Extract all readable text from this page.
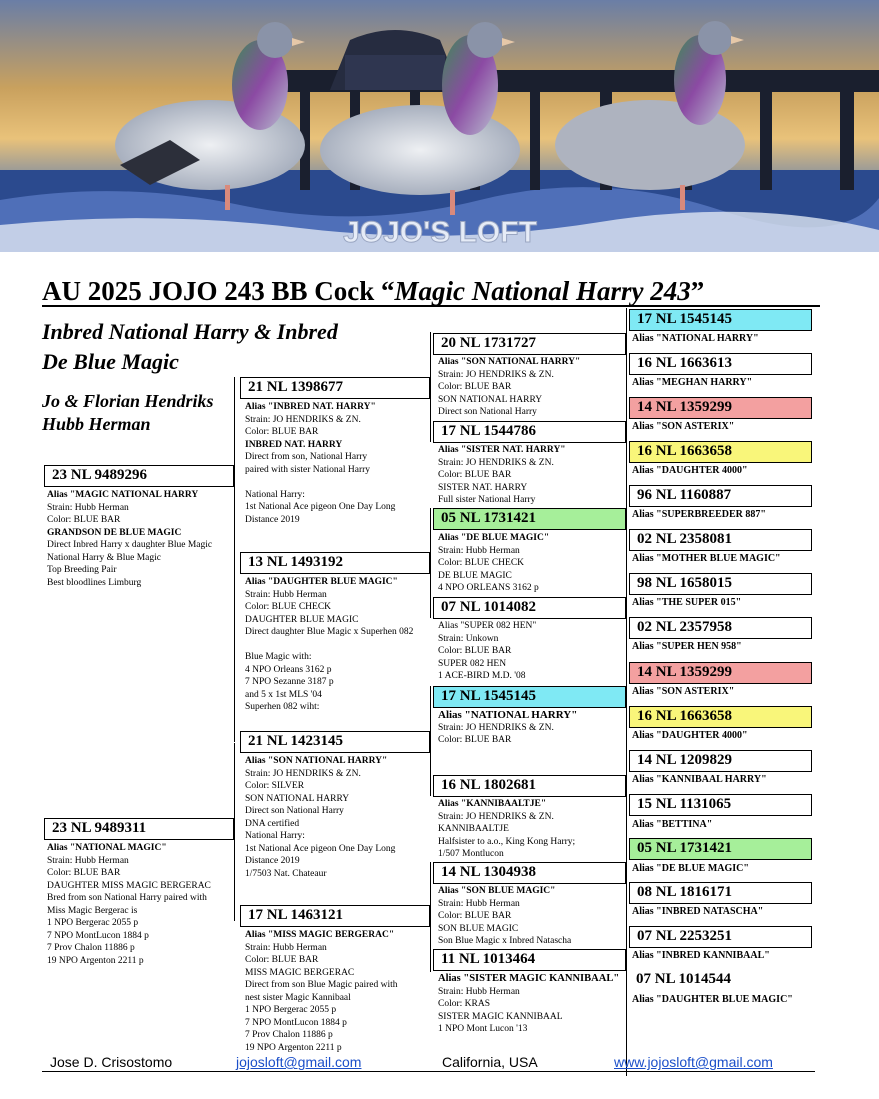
JOJO'S LOFT
AU 2025 JOJO 243 BB Cock “Magic National Harry 243”
Inbred National Harry & Inbred
De Blue Magic
Jo & Florian Hendriks
Hubb Herman
23 NL 9489296
Alias "MAGIC NATIONAL HARRY
Strain: Hubb Herman
Color: BLUE BAR
GRANDSON DE BLUE MAGIC
Direct Inbred Harry x daughter Blue Magic
National Harry & Blue Magic
Top Breeding Pair
Best bloodlines Limburg
23 NL 9489311
Alias "NATIONAL MAGIC"
Strain: Hubb Herman
Color: BLUE BAR
DAUGHTER MISS MAGIC BERGERAC
Bred from son National Harry paired with
Miss Magic Bergerac is
1 NPO Bergerac 2055 p
7 NPO MontLucon 1884 p
7 Prov Chalon 11886 p
19 NPO Argenton 2211 p
21 NL 1398677
Alias "INBRED NAT. HARRY"
Strain: JO HENDRIKS & ZN.
Color: BLUE BAR
INBRED NAT. HARRY
Direct from son, National Harry
paired with sister National Harry

National Harry:
1st National Ace pigeon One Day Long
Distance 2019
13 NL 1493192
Alias "DAUGHTER BLUE MAGIC"
Strain: Hubb Herman
Color: BLUE CHECK
DAUGHTER BLUE MAGIC
Direct daughter Blue Magic x Superhen 082

Blue Magic with:
4 NPO Orleans 3162 p
7 NPO Sezanne 3187 p
and 5 x 1st MLS '04
Superhen 082 wiht:
21 NL 1423145
Alias "SON NATIONAL HARRY"
Strain: JO HENDRIKS & ZN.
Color: SILVER
SON NATIONAL HARRY
Direct son National Harry
DNA certified
National Harry:
1st National Ace pigeon One Day Long
Distance 2019
1/7503 Nat. Chateaur
17 NL 1463121
Alias "MISS MAGIC BERGERAC"
Strain: Hubb Herman
Color: BLUE BAR
MISS MAGIC BERGERAC
Direct from son Blue Magic paired with
nest sister Magic Kannibaal
1 NPO Bergerac 2055 p
7 NPO MontLucon 1884 p
7 Prov Chalon 11886 p
19 NPO Argenton 2211 p
20 NL 1731727
Alias "SON NATIONAL HARRY"
Strain: JO HENDRIKS & ZN.
Color: BLUE BAR
SON NATIONAL HARRY
Direct son National Harry
17 NL 1544786
Alias "SISTER NAT. HARRY"
Strain: JO HENDRIKS & ZN.
Color: BLUE BAR
SISTER NAT. HARRY
Full sister National Harry
05 NL 1731421
Alias "DE BLUE MAGIC"
Strain: Hubb Herman
Color: BLUE CHECK
DE BLUE MAGIC
4 NPO ORLEANS 3162 p
07 NL 1014082
Alias "SUPER 082 HEN"
Strain: Unkown
Color: BLUE BAR
SUPER 082 HEN
1 ACE-BIRD M.D. '08
17 NL 1545145
Alias "NATIONAL HARRY"
Strain: JO HENDRIKS & ZN.
Color: BLUE BAR
16 NL 1802681
Alias "KANNIBAALTJE"
Strain: JO HENDRIKS & ZN.
KANNIBAALTJE
Halfsister to a.o., King Kong Harry;
1/507 Montlucon
14 NL 1304938
Alias "SON BLUE MAGIC"
Strain: Hubb Herman
Color: BLUE BAR
SON BLUE MAGIC
Son Blue Magic x Inbred Natascha
11 NL 1013464
Alias "SISTER MAGIC KANNIBAAL"
Strain: Hubb Herman
Color: KRAS
SISTER MAGIC KANNIBAAL
1 NPO Mont Lucon '13
17 NL 1545145
Alias "NATIONAL HARRY"
16 NL 1663613
Alias "MEGHAN HARRY"
14 NL 1359299
Alias "SON ASTERIX"
16 NL 1663658
Alias "DAUGHTER 4000"
96 NL 1160887
Alias "SUPERBREEDER 887"
02 NL 2358081
Alias "MOTHER BLUE MAGIC"
98 NL 1658015
Alias "THE SUPER 015"
02 NL 2357958
Alias "SUPER HEN 958"
14 NL 1359299
Alias "SON ASTERIX"
16 NL 1663658
Alias "DAUGHTER 4000"
14 NL 1209829
Alias "KANNIBAAL HARRY"
15 NL 1131065
Alias "BETTINA"
05 NL 1731421
Alias "DE BLUE MAGIC"
08 NL 1816171
Alias "INBRED NATASCHA"
07 NL 2253251
Alias "INBRED KANNIBAAL"
07 NL 1014544
Alias "DAUGHTER BLUE MAGIC"
Jose D. Crisostomo	jojosloft@gmail.com	California, USA	www.jojosloft@gmail.com
